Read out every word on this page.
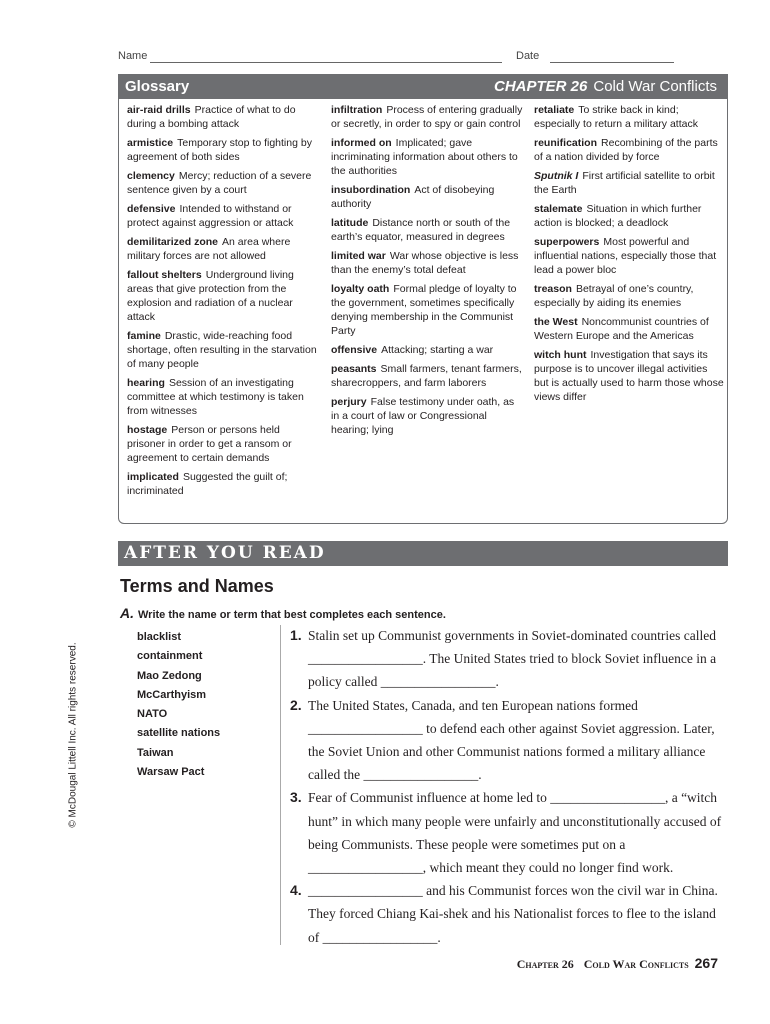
Name	Date
Glossary	CHAPTER 26 Cold War Conflicts
air-raid drills Practice of what to do during a bombing attack
armistice Temporary stop to fighting by agreement of both sides
clemency Mercy; reduction of a severe sentence given by a court
defensive Intended to withstand or protect against aggression or attack
demilitarized zone An area where military forces are not allowed
fallout shelters Underground living areas that give protection from the explosion and radiation of a nuclear attack
famine Drastic, wide-reaching food shortage, often resulting in the starvation of many people
hearing Session of an investigating committee at which testimony is taken from witnesses
hostage Person or persons held prisoner in order to get a ransom or agreement to certain demands
implicated Suggested the guilt of; incriminated
infiltration Process of entering gradually or secretly, in order to spy or gain control
informed on Implicated; gave incriminating information about others to the authorities
insubordination Act of disobeying authority
latitude Distance north or south of the earth’s equator, measured in degrees
limited war War whose objective is less than the enemy’s total defeat
loyalty oath Formal pledge of loyalty to the government, sometimes specifically denying membership in the Communist Party
offensive Attacking; starting a war
peasants Small farmers, tenant farmers, sharecroppers, and farm laborers
perjury False testimony under oath, as in a court of law or Congressional hearing; lying
retaliate To strike back in kind; especially to return a military attack
reunification Recombining of the parts of a nation divided by force
Sputnik I First artificial satellite to orbit the Earth
stalemate Situation in which further action is blocked; a deadlock
superpowers Most powerful and influential nations, especially those that lead a power bloc
treason Betrayal of one’s country, especially by aiding its enemies
the West Noncommunist countries of Western Europe and the Americas
witch hunt Investigation that says its purpose is to uncover illegal activities but is actually used to harm those whose views differ
AFTER YOU READ
Terms and Names
A. Write the name or term that best completes each sentence.
blacklist
containment
Mao Zedong
McCarthyism
NATO
satellite nations
Taiwan
Warsaw Pact
1. Stalin set up Communist governments in Soviet-dominated countries called _________________. The United States tried to block Soviet influence in a policy called _________________.
2. The United States, Canada, and ten European nations formed _________________ to defend each other against Soviet aggression. Later, the Soviet Union and other Communist nations formed a military alliance called the _________________.
3. Fear of Communist influence at home led to _________________, a “witch hunt” in which many people were unfairly and unconstitutionally accused of being Communists. These people were sometimes put on a _________________, which meant they could no longer find work.
4. _________________ and his Communist forces won the civil war in China. They forced Chiang Kai-shek and his Nationalist forces to flee to the island of _________________.
Chapter 26 Cold War Conflicts 267
© McDougal Littell Inc. All rights reserved.
